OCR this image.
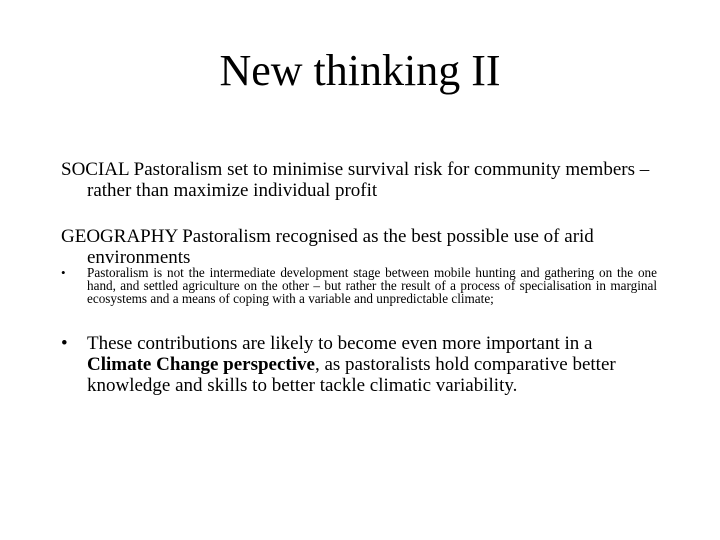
New thinking II
SOCIAL Pastoralism set to minimise survival risk for community members – rather than maximize individual profit
GEOGRAPHY Pastoralism recognised as the best possible use of arid environments
•	Pastoralism is not the intermediate development stage between mobile hunting and gathering on the one hand, and settled agriculture on the other – but rather the result of a process of specialisation in marginal ecosystems and a means of coping with a variable and unpredictable climate;
•	These contributions are likely to become even more important in a Climate Change perspective, as pastoralists hold comparative better knowledge and skills to better tackle climatic variability.
